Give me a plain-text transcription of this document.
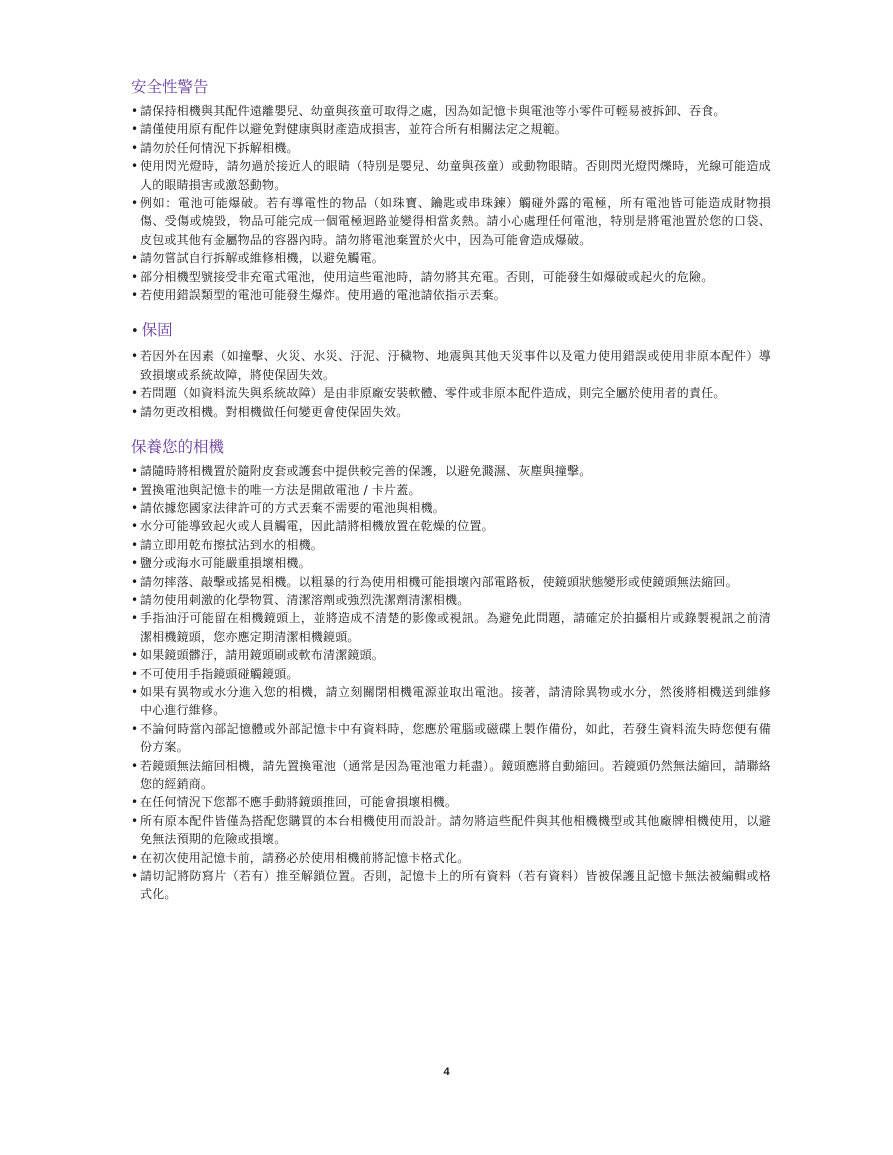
安全性警告
• 請保持相機與其配件遠離嬰兒、幼童與孩童可取得之處，因為如記憶卡與電池等小零件可輕易被拆卸、吞食。
• 請僅使用原有配件以避免對健康與財產造成損害，並符合所有相關法定之規範。
• 請勿於任何情況下拆解相機。
• 使用閃光燈時，請勿過於接近人的眼睛（特別是嬰兒、幼童與孩童）或動物眼睛。否則閃光燈閃爍時，光線可能造成人的眼睛損害或激怒動物。
• 例如：電池可能爆破。若有導電性的物品（如珠寶、鑰匙或串珠鍊）觸碰外露的電極，所有電池皆可能造成財物損傷、受傷或燒毀，物品可能完成一個電極迴路並變得相當炙熱。請小心處理任何電池，特別是將電池置於您的口袋、皮包或其他有金屬物品的容器內時。請勿將電池棄置於火中，因為可能會造成爆破。
• 請勿嘗試自行拆解或維修相機，以避免觸電。
• 部分相機型號接受非充電式電池，使用這些電池時，請勿將其充電。否則，可能發生如爆破或起火的危險。
• 若使用錯誤類型的電池可能發生爆炸。使用過的電池請依指示丟棄。
• 保固
• 若因外在因素（如撞擊、火災、水災、汙泥、汙穢物、地震與其他天災事件以及電力使用錯誤或使用非原本配件）導致損壞或系統故障，將使保固失效。
• 若問題（如資料流失與系統故障）是由非原廠安裝軟體、零件或非原本配件造成，則完全屬於使用者的責任。
• 請勿更改相機。對相機做任何變更會使保固失效。
保養您的相機
• 請隨時將相機置於隨附皮套或護套中提供較完善的保護，以避免濺濕、灰塵與撞擊。
• 置換電池與記憶卡的唯一方法是開啟電池 / 卡片蓋。
• 請依據您國家法律許可的方式丟棄不需要的電池與相機。
• 水分可能導致起火或人員觸電，因此請將相機放置在乾燥的位置。
• 請立即用乾布擦拭沾到水的相機。
• 鹽分或海水可能嚴重損壞相機。
• 請勿摔落、敲擊或搖晃相機。以粗暴的行為使用相機可能損壞內部電路板，使鏡頭狀態變形或使鏡頭無法縮回。
• 請勿使用刺激的化學物質、清潔溶劑或強烈洗潔劑清潔相機。
• 手指油汙可能留在相機鏡頭上，並將造成不清楚的影像或視訊。為避免此問題，請確定於拍攝相片或錄製視訊之前清潔相機鏡頭，您亦應定期清潔相機鏡頭。
• 如果鏡頭髒汙，請用鏡頭刷或軟布清潔鏡頭。
• 不可使用手指鏡頭碰觸鏡頭。
• 如果有異物或水分進入您的相機，請立刻關閉相機電源並取出電池。接著，請清除異物或水分，然後將相機送到維修中心進行維修。
• 不論何時當內部記憶體或外部記憶卡中有資料時，您應於電腦或磁碟上製作備份，如此，若發生資料流失時您便有備份方案。
• 若鏡頭無法縮回相機，請先置換電池（通常是因為電池電力耗盡）。鏡頭應將自動縮回。若鏡頭仍然無法縮回，請聯絡您的經銷商。
• 在任何情況下您都不應手動將鏡頭推回，可能會損壞相機。
• 所有原本配件皆僅為搭配您購買的本台相機使用而設計。請勿將這些配件與其他相機機型或其他廠牌相機使用，以避免無法預期的危險或損壞。
• 在初次使用記憶卡前，請務必於使用相機前將記憶卡格式化。
• 請切記將防寫片（若有）推至解鎖位置。否則，記憶卡上的所有資料（若有資料）皆被保護且記憶卡無法被編輯或格式化。
4
